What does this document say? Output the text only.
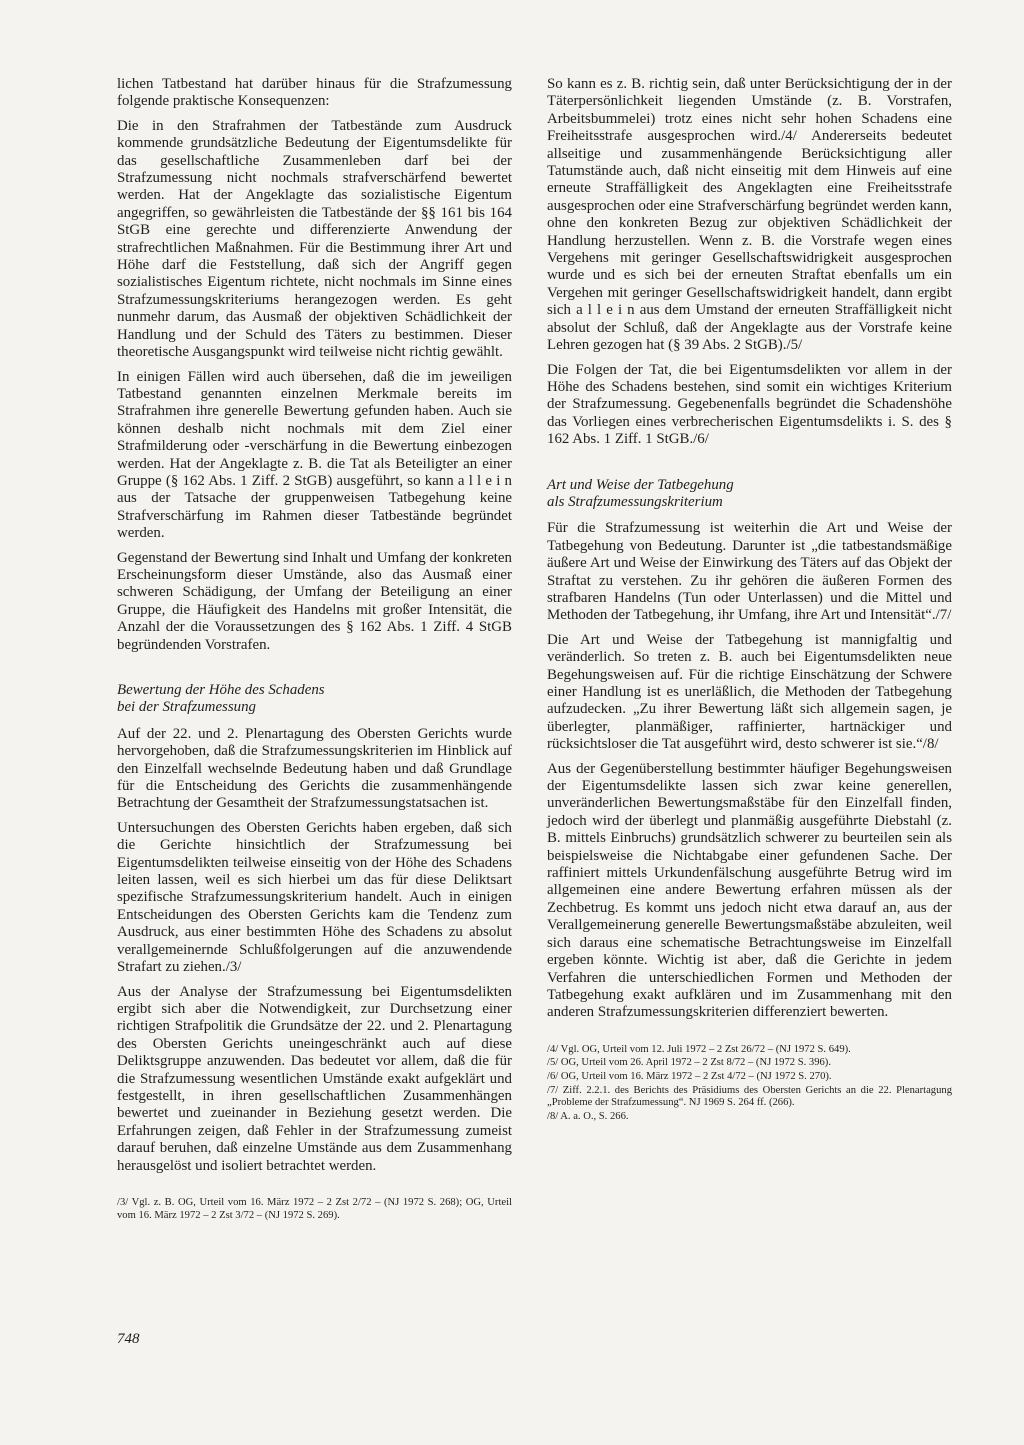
lichen Tatbestand hat darüber hinaus für die Strafzumessung folgende praktische Konsequenzen:

Die in den Strafrahmen der Tatbestände zum Ausdruck kommende grundsätzliche Bedeutung der Eigentumsdelikte für das gesellschaftliche Zusammenleben darf bei der Strafzumessung nicht nochmals strafverschärfend bewertet werden. Hat der Angeklagte das sozialistische Eigentum angegriffen, so gewährleisten die Tatbestände der §§ 161 bis 164 StGB eine gerechte und differenzierte Anwendung der strafrechtlichen Maßnahmen. Für die Bestimmung ihrer Art und Höhe darf die Feststellung, daß sich der Angriff gegen sozialistisches Eigentum richtete, nicht nochmals im Sinne eines Strafzumessungskriteriums herangezogen werden. Es geht nunmehr darum, das Ausmaß der objektiven Schädlichkeit der Handlung und der Schuld des Täters zu bestimmen. Dieser theoretische Ausgangspunkt wird teilweise nicht richtig gewählt.

In einigen Fällen wird auch übersehen, daß die im jeweiligen Tatbestand genannten einzelnen Merkmale bereits im Strafrahmen ihre generelle Bewertung gefunden haben. Auch sie können deshalb nicht nochmals mit dem Ziel einer Strafmilderung oder -verschärfung in die Bewertung einbezogen werden. Hat der Angeklagte z. B. die Tat als Beteiligter an einer Gruppe (§ 162 Abs. 1 Ziff. 2 StGB) ausgeführt, so kann a l l e i n aus der Tatsache der gruppenweisen Tatbegehung keine Strafverschärfung im Rahmen dieser Tatbestände begründet werden.

Gegenstand der Bewertung sind Inhalt und Umfang der konkreten Erscheinungsform dieser Umstände, also das Ausmaß einer schweren Schädigung, der Umfang der Beteiligung an einer Gruppe, die Häufigkeit des Handelns mit großer Intensität, die Anzahl der die Voraussetzungen des § 162 Abs. 1 Ziff. 4 StGB begründenden Vorstrafen.

Bewertung der Höhe des Schadens
bei der Strafzumessung

Auf der 22. und 2. Plenartagung des Obersten Gerichts wurde hervorgehoben, daß die Strafzumessungskriterien im Hinblick auf den Einzelfall wechselnde Bedeutung haben und daß Grundlage für die Entscheidung des Gerichts die zusammenhängende Betrachtung der Gesamtheit der Strafzumessungstatsachen ist.

Untersuchungen des Obersten Gerichts haben ergeben, daß sich die Gerichte hinsichtlich der Strafzumessung bei Eigentumsdelikten teilweise einseitig von der Höhe des Schadens leiten lassen, weil es sich hierbei um das für diese Deliktsart spezifische Strafzumessungskriterium handelt. Auch in einigen Entscheidungen des Obersten Gerichts kam die Tendenz zum Ausdruck, aus einer bestimmten Höhe des Schadens zu absolut verallgemeinernde Schlußfolgerungen auf die anzuwendende Strafart zu ziehen./3/

Aus der Analyse der Strafzumessung bei Eigentumsdelikten ergibt sich aber die Notwendigkeit, zur Durchsetzung einer richtigen Strafpolitik die Grundsätze der 22. und 2. Plenartagung des Obersten Gerichts uneingeschränkt auch auf diese Deliktsgruppe anzuwenden. Das bedeutet vor allem, daß die für die Strafzumessung wesentlichen Umstände exakt aufgeklärt und festgestellt, in ihren gesellschaftlichen Zusammenhängen bewertet und zueinander in Beziehung gesetzt werden. Die Erfahrungen zeigen, daß Fehler in der Strafzumessung zumeist darauf beruhen, daß einzelne Umstände aus dem Zusammenhang herausgelöst und isoliert betrachtet werden.

/3/ Vgl. z. B. OG, Urteil vom 16. März 1972 – 2 Zst 2/72 – (NJ 1972 S. 268); OG, Urteil vom 16. März 1972 – 2 Zst 3/72 – (NJ 1972 S. 269).

So kann es z. B. richtig sein, daß unter Berücksichtigung der in der Täterpersönlichkeit liegenden Umstände (z. B. Vorstrafen, Arbeitsbummelei) trotz eines nicht sehr hohen Schadens eine Freiheitsstrafe ausgesprochen wird./4/ Andererseits bedeutet allseitige und zusammenhängende Berücksichtigung aller Tatumstände auch, daß nicht einseitig mit dem Hinweis auf eine erneute Straffälligkeit des Angeklagten eine Freiheitsstrafe ausgesprochen oder eine Strafverschärfung begründet werden kann, ohne den konkreten Bezug zur objektiven Schädlichkeit der Handlung herzustellen. Wenn z. B. die Vorstrafe wegen eines Vergehens mit geringer Gesellschaftswidrigkeit ausgesprochen wurde und es sich bei der erneuten Straftat ebenfalls um ein Vergehen mit geringer Gesellschaftswidrigkeit handelt, dann ergibt sich a l l e i n aus dem Umstand der erneuten Straffälligkeit nicht absolut der Schluß, daß der Angeklagte aus der Vorstrafe keine Lehren gezogen hat (§ 39 Abs. 2 StGB)./5/

Die Folgen der Tat, die bei Eigentumsdelikten vor allem in der Höhe des Schadens bestehen, sind somit ein wichtiges Kriterium der Strafzumessung. Gegebenenfalls begründet die Schadenshöhe das Vorliegen eines verbrecherischen Eigentumsdelikts i. S. des § 162 Abs. 1 Ziff. 1 StGB./6/

Art und Weise der Tatbegehung
als Strafzumessungskriterium

Für die Strafzumessung ist weiterhin die Art und Weise der Tatbegehung von Bedeutung. Darunter ist „die tatbestandsmäßige äußere Art und Weise der Einwirkung des Täters auf das Objekt der Straftat zu verstehen. Zu ihr gehören die äußeren Formen des strafbaren Handelns (Tun oder Unterlassen) und die Mittel und Methoden der Tatbegehung, ihr Umfang, ihre Art und Intensität“./7/

Die Art und Weise der Tatbegehung ist mannigfaltig und veränderlich. So treten z. B. auch bei Eigentumsdelikten neue Begehungsweisen auf. Für die richtige Einschätzung der Schwere einer Handlung ist es unerläßlich, die Methoden der Tatbegehung aufzudecken. „Zu ihrer Bewertung läßt sich allgemein sagen, je überlegter, planmäßiger, raffinierter, hartnäckiger und rücksichtsloser die Tat ausgeführt wird, desto schwerer ist sie.“/8/

Aus der Gegenüberstellung bestimmter häufiger Begehungsweisen der Eigentumsdelikte lassen sich zwar keine generellen, unveränderlichen Bewertungsmaßstäbe für den Einzelfall finden, jedoch wird der überlegt und planmäßig ausgeführte Diebstahl (z. B. mittels Einbruchs) grundsätzlich schwerer zu beurteilen sein als beispielsweise die Nichtabgabe einer gefundenen Sache. Der raffiniert mittels Urkundenfälschung ausgeführte Betrug wird im allgemeinen eine andere Bewertung erfahren müssen als der Zechbetrug. Es kommt uns jedoch nicht etwa darauf an, aus der Verallgemeinerung generelle Bewertungsmaßstäbe abzuleiten, weil sich daraus eine schematische Betrachtungsweise im Einzelfall ergeben könnte. Wichtig ist aber, daß die Gerichte in jedem Verfahren die unterschiedlichen Formen und Methoden der Tatbegehung exakt aufklären und im Zusammenhang mit den anderen Strafzumessungskriterien differenziert bewerten.

/4/ Vgl. OG, Urteil vom 12. Juli 1972 – 2 Zst 26/72 – (NJ 1972 S. 649).

/5/ OG, Urteil vom 26. April 1972 – 2 Zst 8/72 – (NJ 1972 S. 396).

/6/ OG, Urteil vom 16. März 1972 – 2 Zst 4/72 – (NJ 1972 S. 270).

/7/ Ziff. 2.2.1. des Berichts des Präsidiums des Obersten Gerichts an die 22. Plenartagung „Probleme der Strafzumessung“. NJ 1969 S. 264 ff. (266).

/8/ A. a. O., S. 266.

748
